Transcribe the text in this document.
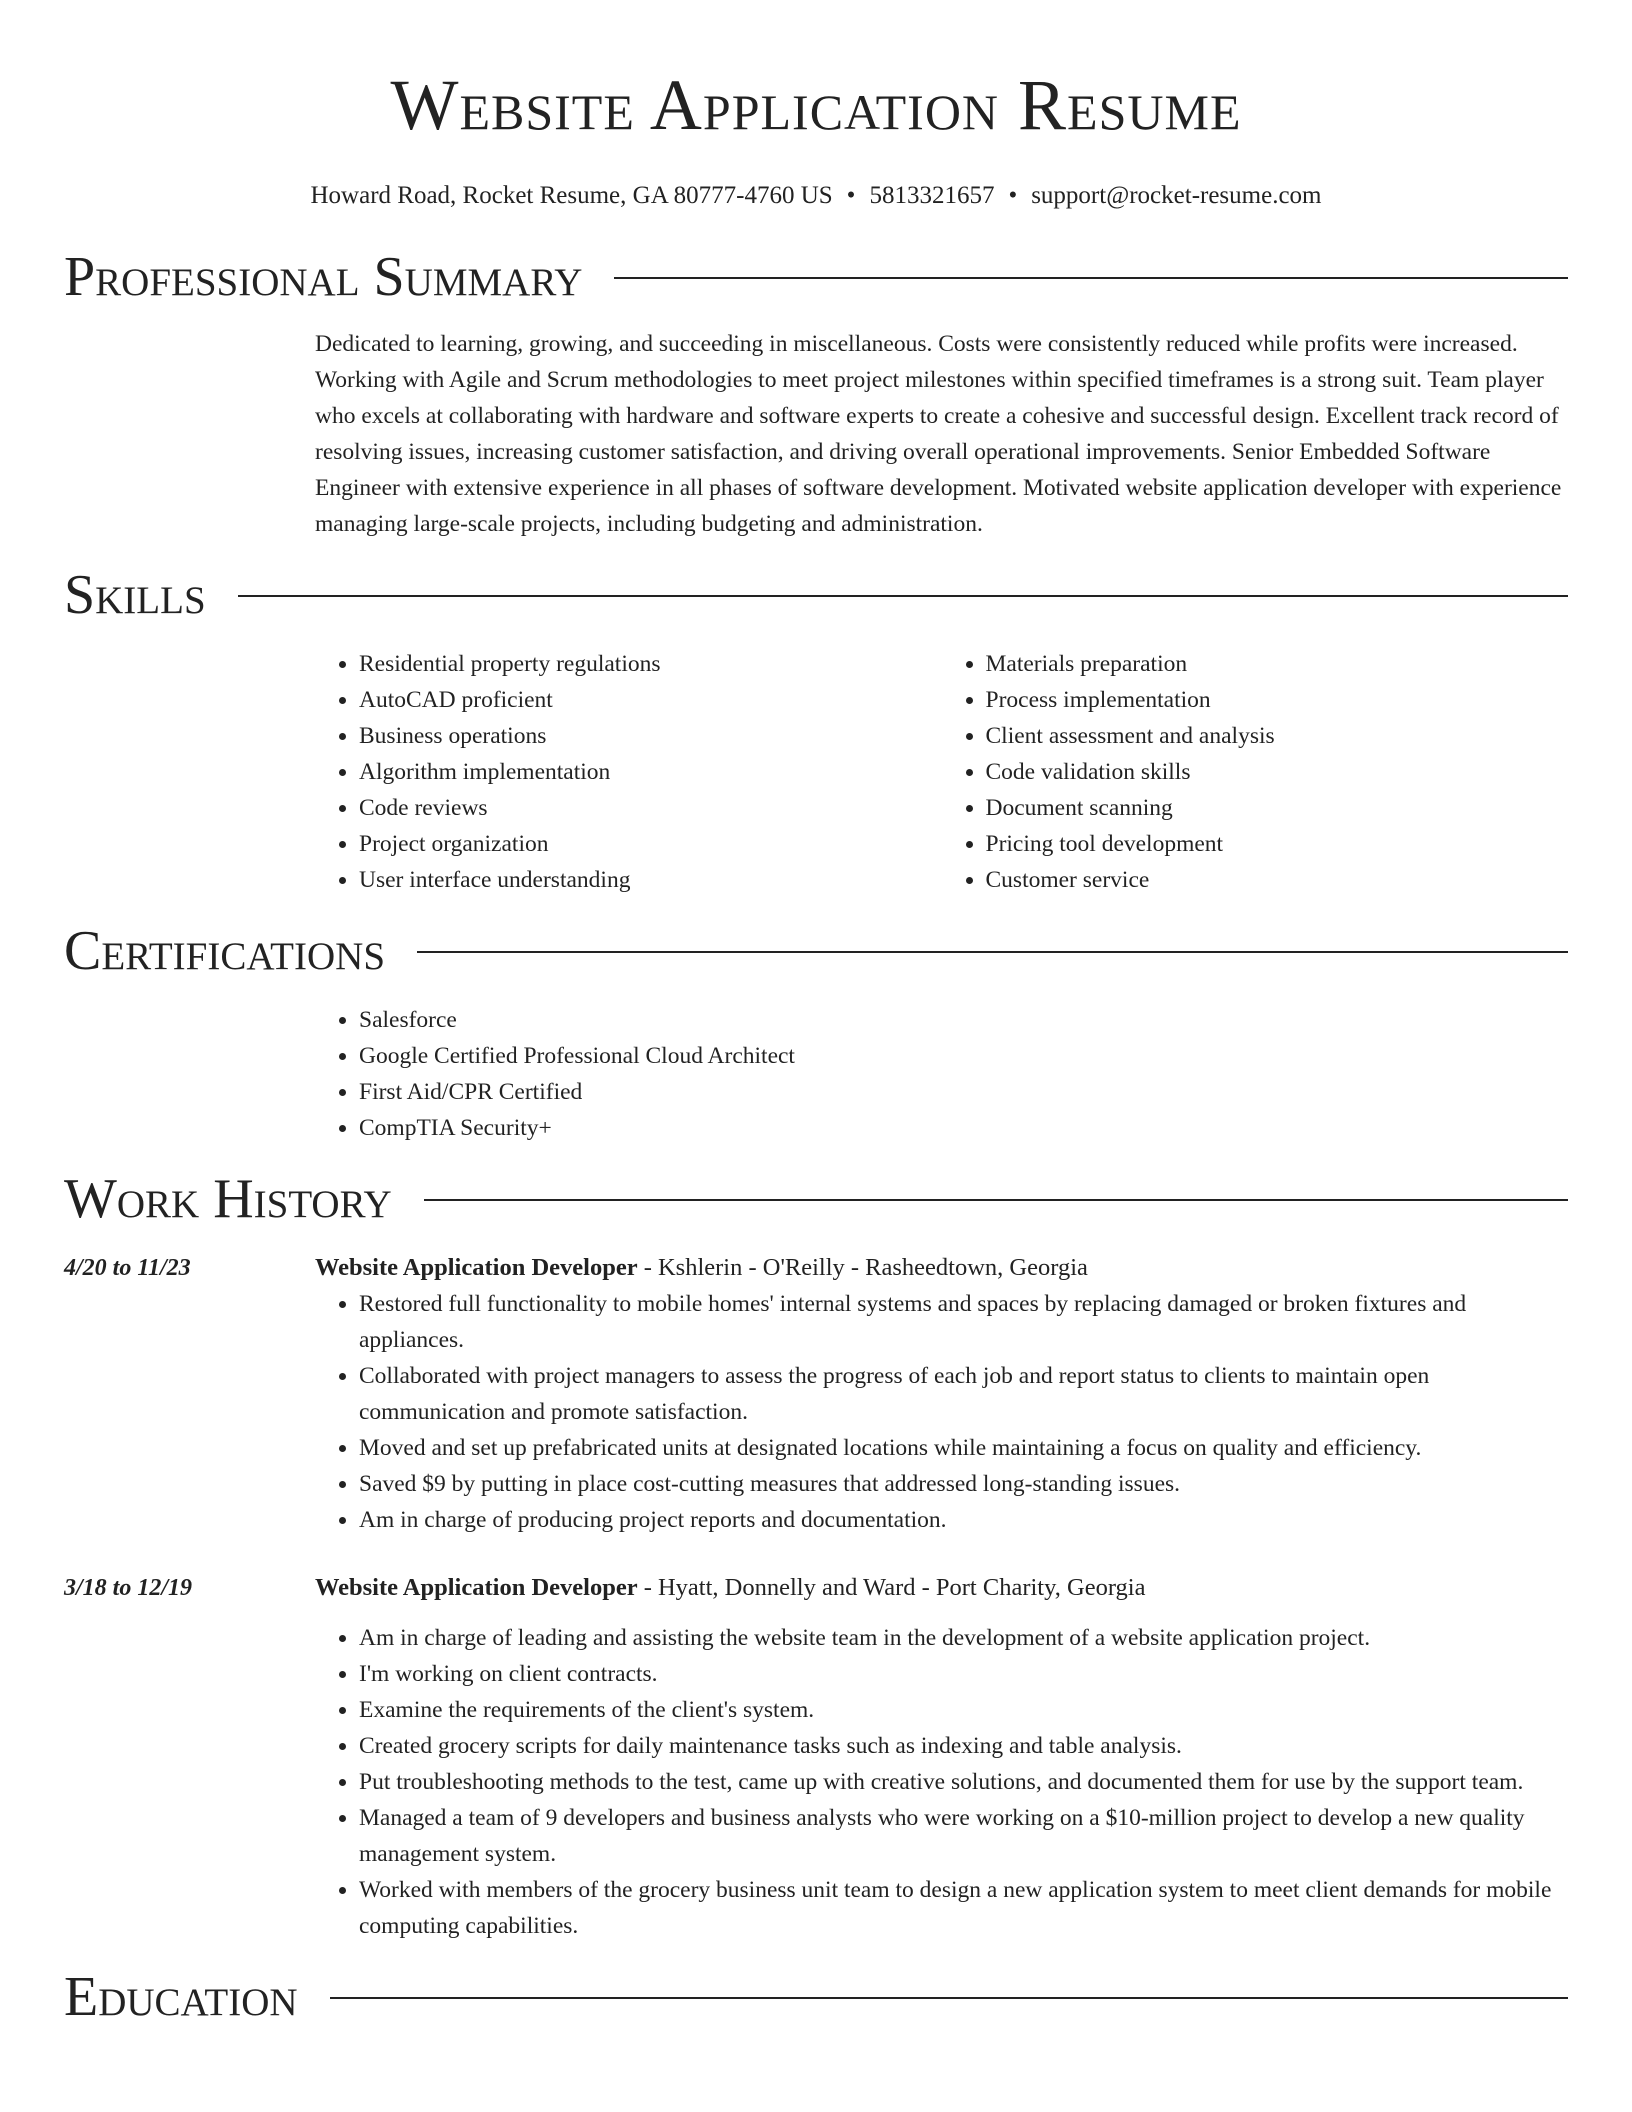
Website Application Resume
Howard Road, Rocket Resume, GA 80777-4760 US • 5813321657 • support@rocket-resume.com
Professional Summary

Dedicated to learning, growing, and succeeding in miscellaneous. Costs were consistently reduced while profits were increased. Working with Agile and Scrum methodologies to meet project milestones within specified timeframes is a strong suit. Team player who excels at collaborating with hardware and software experts to create a cohesive and successful design. Excellent track record of resolving issues, increasing customer satisfaction, and driving overall operational improvements. Senior Embedded Software Engineer with extensive experience in all phases of software development. Motivated website application developer with experience managing large-scale projects, including budgeting and administration.

Skills
• Residential property regulations
• AutoCAD proficient
• Business operations
• Algorithm implementation
• Code reviews
• Project organization
• User interface understanding
• Materials preparation
• Process implementation
• Client assessment and analysis
• Code validation skills
• Document scanning
• Pricing tool development
• Customer service
Certifications
• Salesforce
• Google Certified Professional Cloud Architect
• First Aid/CPR Certified
• CompTIA Security+
Work History
4/20 to 11/23	Website Application Developer - Kshlerin - O'Reilly - Rasheedtown, Georgia
• Restored full functionality to mobile homes' internal systems and spaces by replacing damaged or broken fixtures and appliances.
• Collaborated with project managers to assess the progress of each job and report status to clients to maintain open communication and promote satisfaction.
• Moved and set up prefabricated units at designated locations while maintaining a focus on quality and efficiency.
• Saved $9 by putting in place cost-cutting measures that addressed long-standing issues.
• Am in charge of producing project reports and documentation.
3/18 to 12/19	Website Application Developer - Hyatt, Donnelly and Ward - Port Charity, Georgia
• Am in charge of leading and assisting the website team in the development of a website application project.
• I'm working on client contracts.
• Examine the requirements of the client's system.
• Created grocery scripts for daily maintenance tasks such as indexing and table analysis.
• Put troubleshooting methods to the test, came up with creative solutions, and documented them for use by the support team.
• Managed a team of 9 developers and business analysts who were working on a $10-million project to develop a new quality management system.
• Worked with members of the grocery business unit team to design a new application system to meet client demands for mobile computing capabilities.
Education
